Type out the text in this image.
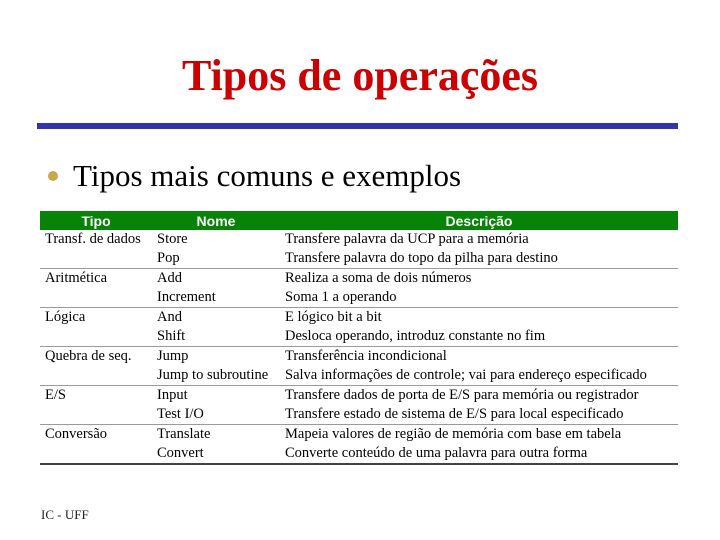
Tipos de operações
Tipos mais comuns e exemplos
Tipo	Nome	Descrição
Transf. de dados	Store	Transfere palavra da UCP para a memória
	Pop	Transfere palavra do topo da pilha para destino
Aritmética	Add	Realiza a soma de dois números
	Increment	Soma 1 a operando
Lógica	And	E lógico bit a bit
	Shift	Desloca operando, introduz constante no fim
Quebra de seq.	Jump	Transferência incondicional
	Jump to subroutine	Salva informações de controle; vai para endereço especificado
E/S	Input	Transfere dados de porta de E/S para memória ou registrador
	Test I/O	Transfere estado de sistema de E/S para local especificado
Conversão	Translate	Mapeia valores de região de memória com base em tabela
	Convert	Converte conteúdo de uma palavra para outra forma
IC - UFF
